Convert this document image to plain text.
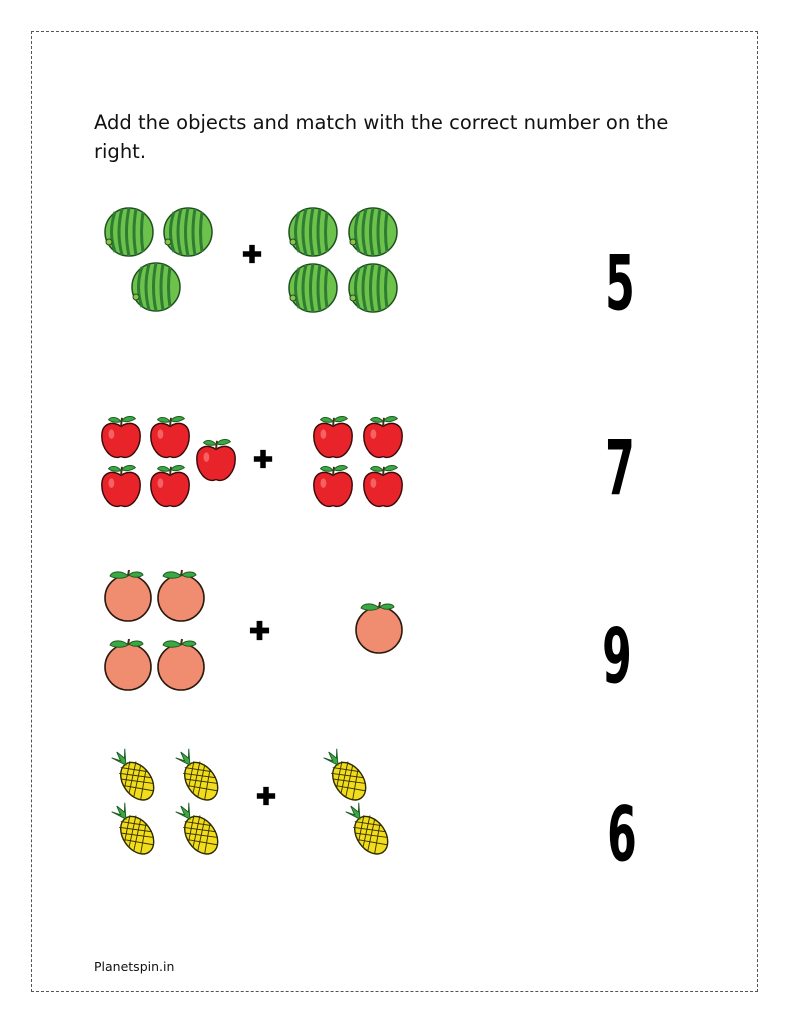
Add the objects and match with the correct number on the right.

5
7
9
6
Planetspin.in
